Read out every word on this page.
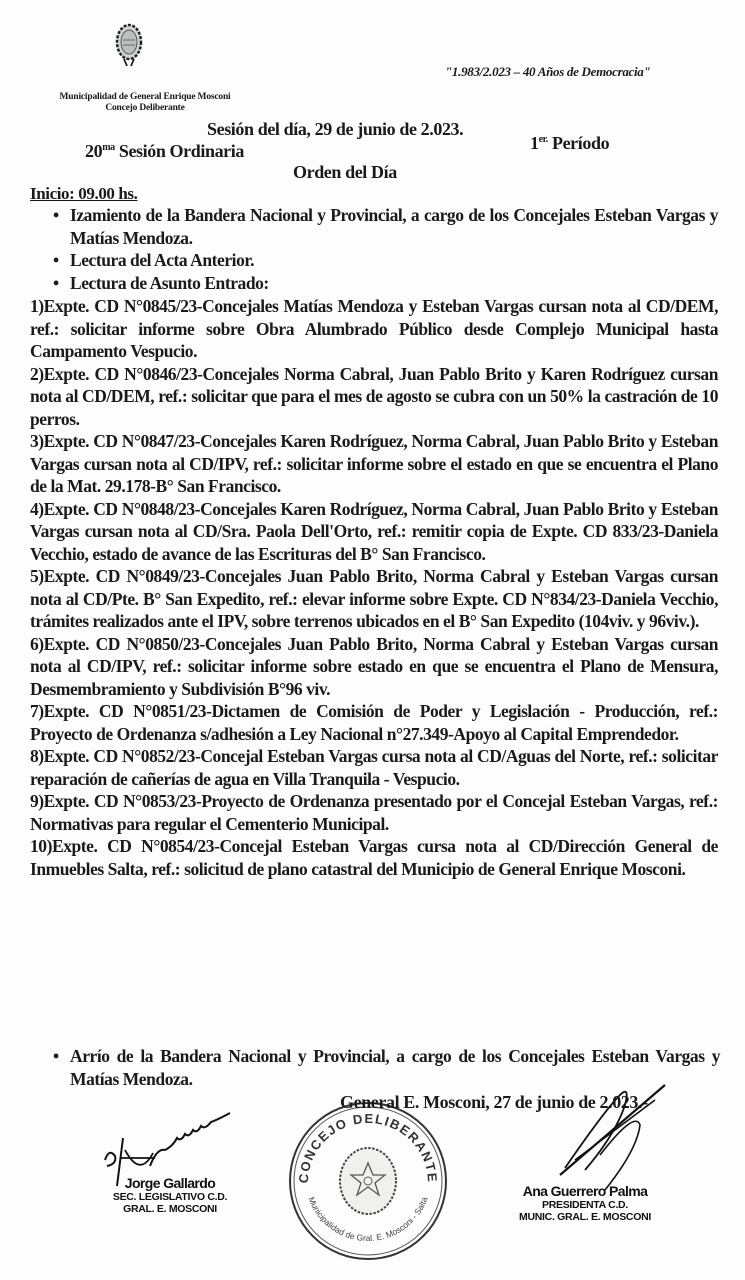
Municipalidad de General Enrique Mosconi
Concejo Deliberante
"1.983/2.023 – 40 Años de Democracia"
Sesión del día, 29 de junio de 2.023.
$20^{ma}$ Sesión Ordinaria	$1^{er.}$ Período
Orden del Día
Inicio: 09.00 hs.
• Izamiento de la Bandera Nacional y Provincial, a cargo de los Concejales Esteban Vargas y Matías Mendoza.
• Lectura del Acta Anterior.
• Lectura de Asunto Entrado:
1)Expte. CD N°0845/23-Concejales Matías Mendoza y Esteban Vargas cursan nota al CD/DEM, ref.: solicitar informe sobre Obra Alumbrado Público desde Complejo Municipal hasta Campamento Vespucio.
2)Expte. CD N°0846/23-Concejales Norma Cabral, Juan Pablo Brito y Karen Rodríguez cursan nota al CD/DEM, ref.: solicitar que para el mes de agosto se cubra con un 50% la castración de 10 perros.
3)Expte. CD N°0847/23-Concejales Karen Rodríguez, Norma Cabral, Juan Pablo Brito y Esteban Vargas cursan nota al CD/IPV, ref.: solicitar informe sobre el estado en que se encuentra el Plano de la Mat. 29.178-B° San Francisco.
4)Expte. CD N°0848/23-Concejales Karen Rodríguez, Norma Cabral, Juan Pablo Brito y Esteban Vargas cursan nota al CD/Sra. Paola Dell'Orto, ref.: remitir copia de Expte. CD 833/23-Daniela Vecchio, estado de avance de las Escrituras del B° San Francisco.
5)Expte. CD N°0849/23-Concejales Juan Pablo Brito, Norma Cabral y Esteban Vargas cursan nota al CD/Pte. B° San Expedito, ref.: elevar informe sobre Expte. CD N°834/23-Daniela Vecchio, trámites realizados ante el IPV, sobre terrenos ubicados en el B° San Expedito (104viv. y 96viv.).
6)Expte. CD N°0850/23-Concejales Juan Pablo Brito, Norma Cabral y Esteban Vargas cursan nota al CD/IPV, ref.: solicitar informe sobre estado en que se encuentra el Plano de Mensura, Desmembramiento y Subdivisión B°96 viv.
7)Expte. CD N°0851/23-Dictamen de Comisión de Poder y Legislación - Producción, ref.: Proyecto de Ordenanza s/adhesión a Ley Nacional n°27.349-Apoyo al Capital Emprendedor.
8)Expte. CD N°0852/23-Concejal Esteban Vargas cursa nota al CD/Aguas del Norte, ref.: solicitar reparación de cañerías de agua en Villa Tranquila - Vespucio.
9)Expte. CD N°0853/23-Proyecto de Ordenanza presentado por el Concejal Esteban Vargas, ref.: Normativas para regular el Cementerio Municipal.
10)Expte. CD N°0854/23-Concejal Esteban Vargas cursa nota al CD/Dirección General de Inmuebles Salta, ref.: solicitud de plano catastral del Municipio de General Enrique Mosconi.
• Arrío de la Bandera Nacional y Provincial, a cargo de los Concejales Esteban Vargas y Matías Mendoza.
CONCEJO DELIBERANTE
Municipalidad de Gral. E. Mosconi - Salta
General E. Mosconi, 27 de junio de 2.023.-
Jorge Gallardo
SEC. LEGISLATIVO C.D.
GRAL. E. MOSCONI
Ana Guerrero Palma
PRESIDENTA C.D.
MUNIC. GRAL. E. MOSCONI
